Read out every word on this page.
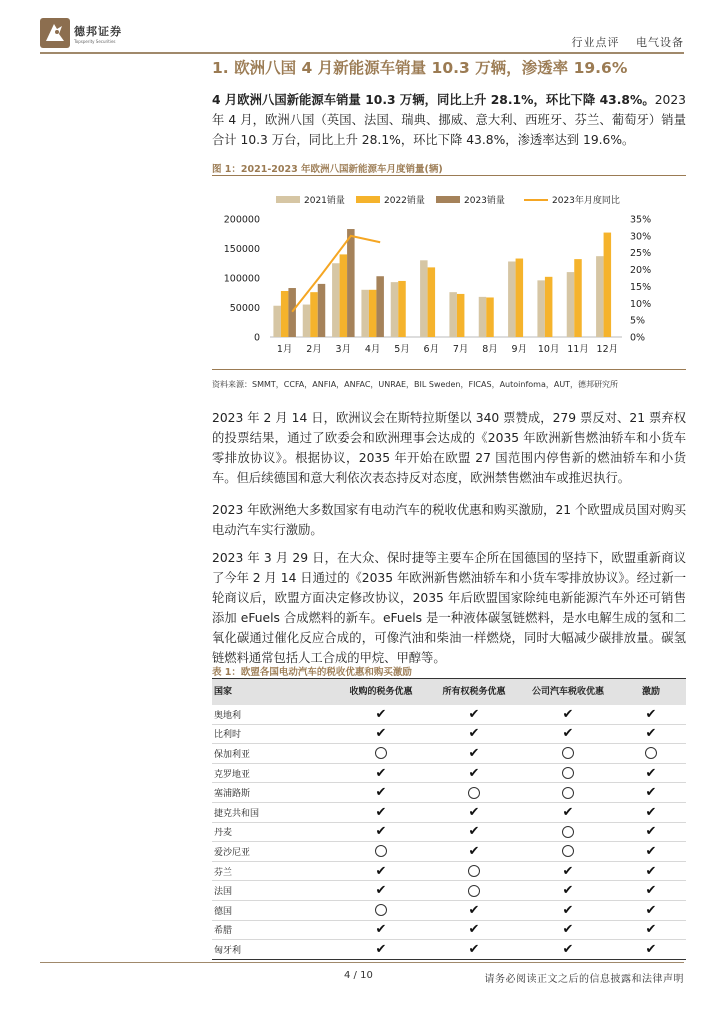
德邦证券
Topsperity Securities	行业点评 电气设备
1. 欧洲八国 4 月新能源车销量 10.3 万辆，渗透率 19.6%

4 月欧洲八国新能源车销量 10.3 万辆，同比上升 28.1%，环比下降 43.8%。2023 年 4 月，欧洲八国（英国、法国、瑞典、挪威、意大利、西班牙、芬兰、葡萄牙）销量合计 10.3 万台，同比上升 28.1%，环比下降 43.8%，渗透率达到 19.6%。

图 1：2021-2023 年欧洲八国新能源车月度销量(辆)
2021销量	2022销量	2023销量	2023年月度同比
0
50000
100000
150000
200000
0%
5%
10%
15%
20%
25%
30%
35%
1月 2月 3月 4月 5月 6月 7月 8月 9月 10月 11月 12月
资料来源：SMMT，CCFA，ANFIA，ANFAC，UNRAE，BIL Sweden，FICAS，Autoinfoma，AUT，德邦研究所

2023 年 2 月 14 日，欧洲议会在斯特拉斯堡以 340 票赞成，279 票反对、21 票弃权的投票结果，通过了欧委会和欧洲理事会达成的《2035 年欧洲新售燃油轿车和小货车零排放协议》。根据协议，2035 年开始在欧盟 27 国范围内停售新的燃油轿车和小货车。但后续德国和意大利依次表态持反对态度，欧洲禁售燃油车或推迟执行。

2023 年欧洲绝大多数国家有电动汽车的税收优惠和购买激励，21 个欧盟成员国对购买电动汽车实行激励。

2023 年 3 月 29 日，在大众、保时捷等主要车企所在国德国的坚持下，欧盟重新商议了今年 2 月 14 日通过的《2035 年欧洲新售燃油轿车和小货车零排放协议》。经过新一轮商议后，欧盟方面决定修改协议，2035 年后欧盟国家除纯电新能源汽车外还可销售添加 eFuels 合成燃料的新车。eFuels 是一种液体碳氢链燃料，是水电解生成的氢和二氧化碳通过催化反应合成的，可像汽油和柴油一样燃烧，同时大幅减少碳排放量。碳氢链燃料通常包括人工合成的甲烷、甲醇等。

表 1：欧盟各国电动汽车的税收优惠和购买激励
国家	收购的税务优惠	所有权税务优惠	公司汽车税收优惠	激励
奥地利	✔	✔	✔	✔
比利时	✔	✔	✔	✔
保加利亚		✔		
克罗地亚	✔	✔		✔
塞浦路斯	✔			✔
捷克共和国	✔	✔	✔	✔
丹麦	✔	✔		✔
爱沙尼亚		✔		✔
芬兰	✔		✔	✔
法国	✔		✔	✔
德国		✔	✔	✔
希腊	✔	✔	✔	✔
匈牙利	✔	✔	✔	✔
4 / 10	请务必阅读正文之后的信息披露和法律声明
